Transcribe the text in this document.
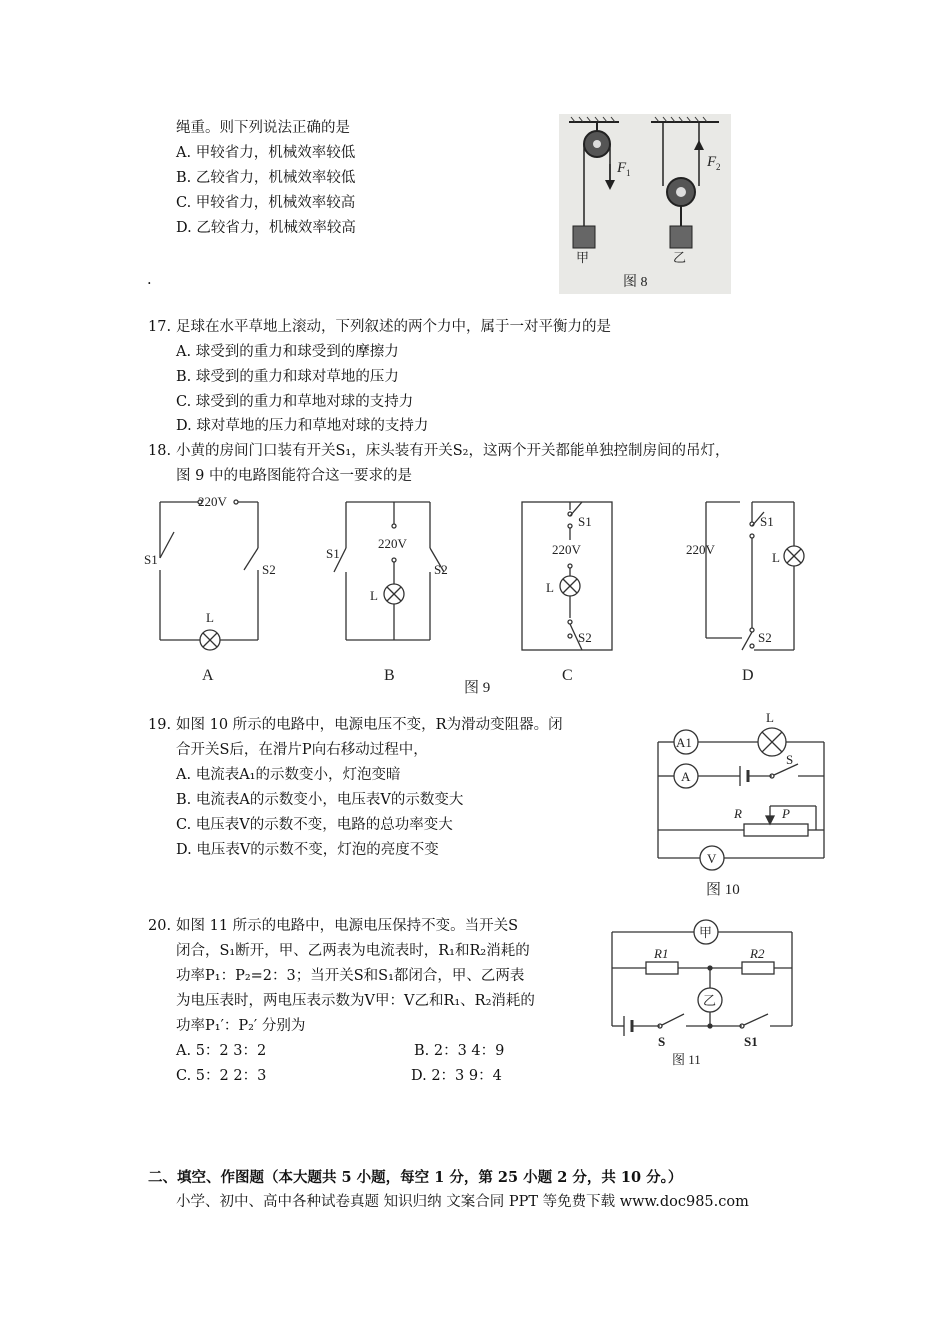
绳重。则下列说法正确的是
A. 甲较省力，机械效率较低
B. 乙较省力，机械效率较低
C. 甲较省力，机械效率较高
D. 乙较省力，机械效率较高
.
F 1
甲
F 2
乙
图 8
17. 足球在水平草地上滚动，下列叙述的两个力中，属于一对平衡力的是
A. 球受到的重力和球受到的摩擦力
B. 球受到的重力和球对草地的压力
C. 球受到的重力和草地对球的支持力
D. 球对草地的压力和草地对球的支持力
18. 小黄的房间门口装有开关S₁，床头装有开关S₂，这两个开关都能单独控制房间的吊灯，
图 9 中的电路图能符合这一要求的是
220V
S1
S2
L
A
220V
S1
S2
L
B
220V
S1
L
S2
C
220V
S1
L
S2
D
图 9
19. 如图 10 所示的电路中，电源电压不变，R为滑动变阻器。闭
合开关S后，在滑片P向右移动过程中，
A. 电流表A₁的示数变小，灯泡变暗
B. 电流表A的示数变小，电压表V的示数变大
C. 电压表V的示数不变，电路的总功率变大
D. 电压表V的示数不变，灯泡的亮度不变
A1
L
A
S
R	P
V
图 10
20. 如图 11 所示的电路中，电源电压保持不变。当开关S
闭合，S₁断开，甲、乙两表为电流表时，R₁和R₂消耗的
功率P₁：P₂=2：3；当开关S和S₁都闭合，甲、乙两表
为电压表时，两电压表示数为V甲：V乙和R₁、R₂消耗的
功率P₁′：P₂′ 分别为
A. 5：2 3：2	B. 2：3 4：9
C. 5：2 2：3	D. 2：3 9：4
甲
R1	R2
乙
S	S1
图 11
二、填空、作图题（本大题共 5 小题，每空 1 分，第 25 小题 2 分，共 10 分。）
小学、初中、高中各种试卷真题 知识归纳 文案合同 PPT 等免费下载 www.doc985.com
